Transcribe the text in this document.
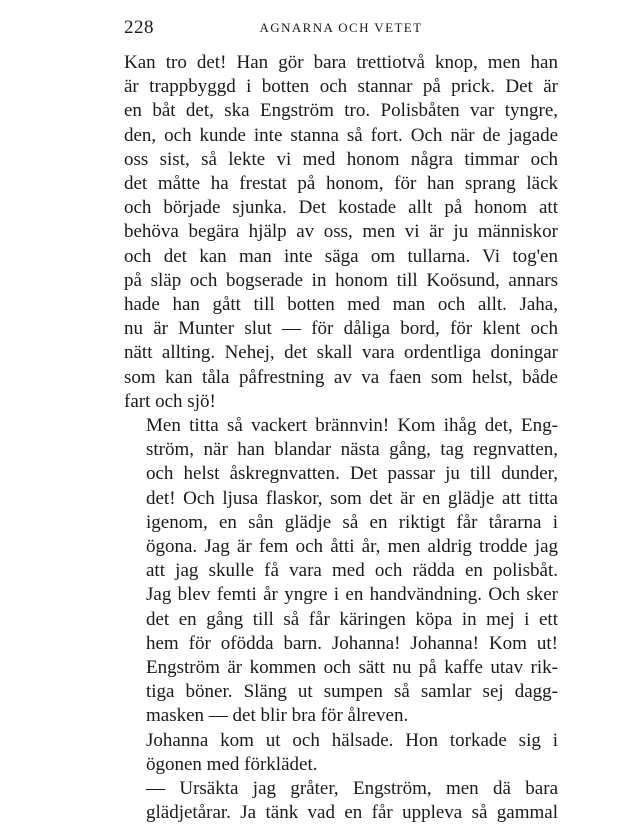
228	AGNARNA OCH VETET
Kan tro det! Han gör bara trettiotvå knop, men han
är trappbyggd i botten och stannar på prick. Det är
en båt det, ska Engström tro. Polisbåten var tyngre,
den, och kunde inte stanna så fort. Och när de jagade
oss sist, så lekte vi med honom några timmar och
det måtte ha frestat på honom, för han sprang läck
och började sjunka. Det kostade allt på honom att
behöva begära hjälp av oss, men vi är ju människor
och det kan man inte säga om tullarna. Vi tog'en
på släp och bogserade in honom till Koösund, annars
hade han gått till botten med man och allt. Jaha,
nu är Munter slut — för dåliga bord, för klent och
nätt allting. Nehej, det skall vara ordentliga doningar
som kan tåla påfrestning av va faen som helst, både
fart och sjö!
Men titta så vackert brännvin! Kom ihåg det, Eng-
ström, när han blandar nästa gång, tag regnvatten,
och helst åskregnvatten. Det passar ju till dunder,
det! Och ljusa flaskor, som det är en glädje att titta
igenom, en sån glädje så en riktigt får tårarna i
ögona. Jag är fem och åtti år, men aldrig trodde jag
att jag skulle få vara med och rädda en polisbåt.
Jag blev femti år yngre i en handvändning. Och sker
det en gång till så får käringen köpa in mej i ett
hem för ofödda barn. Johanna! Johanna! Kom ut!
Engström är kommen och sätt nu på kaffe utav rik-
tiga böner. Släng ut sumpen så samlar sej dagg-
masken — det blir bra för ålreven.
Johanna kom ut och hälsade. Hon torkade sig i
ögonen med förklädet.
— Ursäkta jag gråter, Engström, men dä bara
glädjetårar. Ja tänk vad en får uppleva så gammal
